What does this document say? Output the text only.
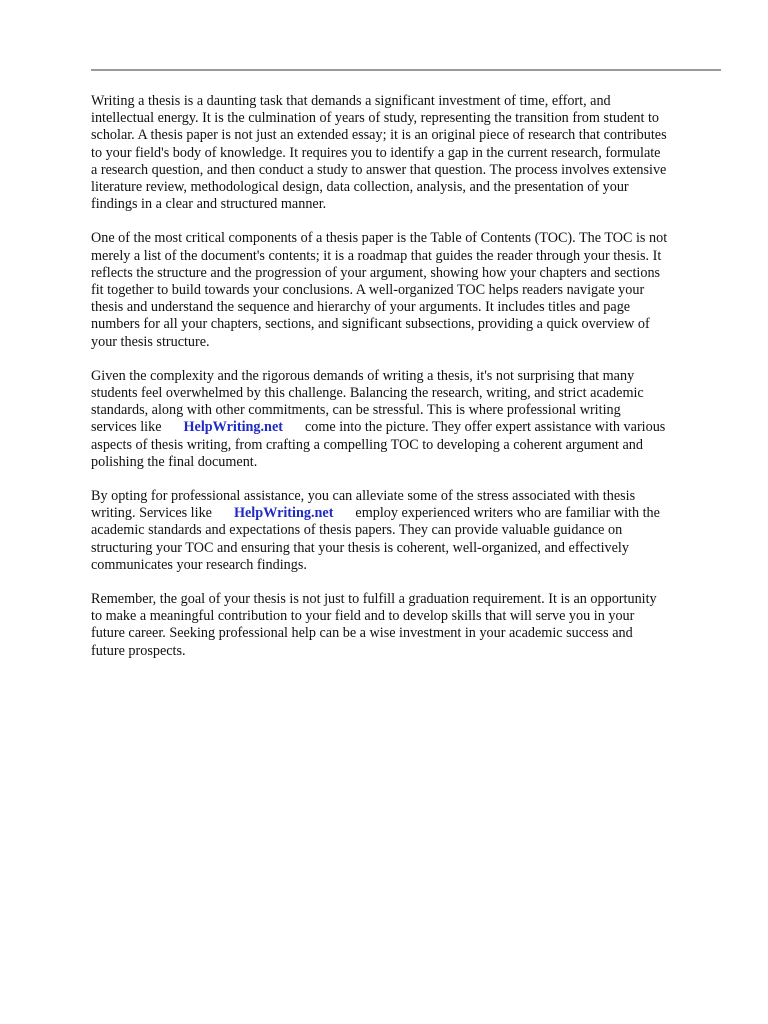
Writing a thesis is a daunting task that demands a significant investment of time, effort, and
intellectual energy. It is the culmination of years of study, representing the transition from student to
scholar. A thesis paper is not just an extended essay; it is an original piece of research that contributes
to your field's body of knowledge. It requires you to identify a gap in the current research, formulate
a research question, and then conduct a study to answer that question. The process involves extensive
literature review, methodological design, data collection, analysis, and the presentation of your
findings in a clear and structured manner.

One of the most critical components of a thesis paper is the Table of Contents (TOC). The TOC is not
merely a list of the document's contents; it is a roadmap that guides the reader through your thesis. It
reflects the structure and the progression of your argument, showing how your chapters and sections
fit together to build towards your conclusions. A well-organized TOC helps readers navigate your
thesis and understand the sequence and hierarchy of your arguments. It includes titles and page
numbers for all your chapters, sections, and significant subsections, providing a quick overview of
your thesis structure.

Given the complexity and the rigorous demands of writing a thesis, it's not surprising that many
students feel overwhelmed by this challenge. Balancing the research, writing, and strict academic
standards, along with other commitments, can be stressful. This is where professional writing
services like HelpWriting.net come into the picture. They offer expert assistance with various
aspects of thesis writing, from crafting a compelling TOC to developing a coherent argument and
polishing the final document.

By opting for professional assistance, you can alleviate some of the stress associated with thesis
writing. Services like HelpWriting.net employ experienced writers who are familiar with the
academic standards and expectations of thesis papers. They can provide valuable guidance on
structuring your TOC and ensuring that your thesis is coherent, well-organized, and effectively
communicates your research findings.

Remember, the goal of your thesis is not just to fulfill a graduation requirement. It is an opportunity
to make a meaningful contribution to your field and to develop skills that will serve you in your
future career. Seeking professional help can be a wise investment in your academic success and
future prospects.
